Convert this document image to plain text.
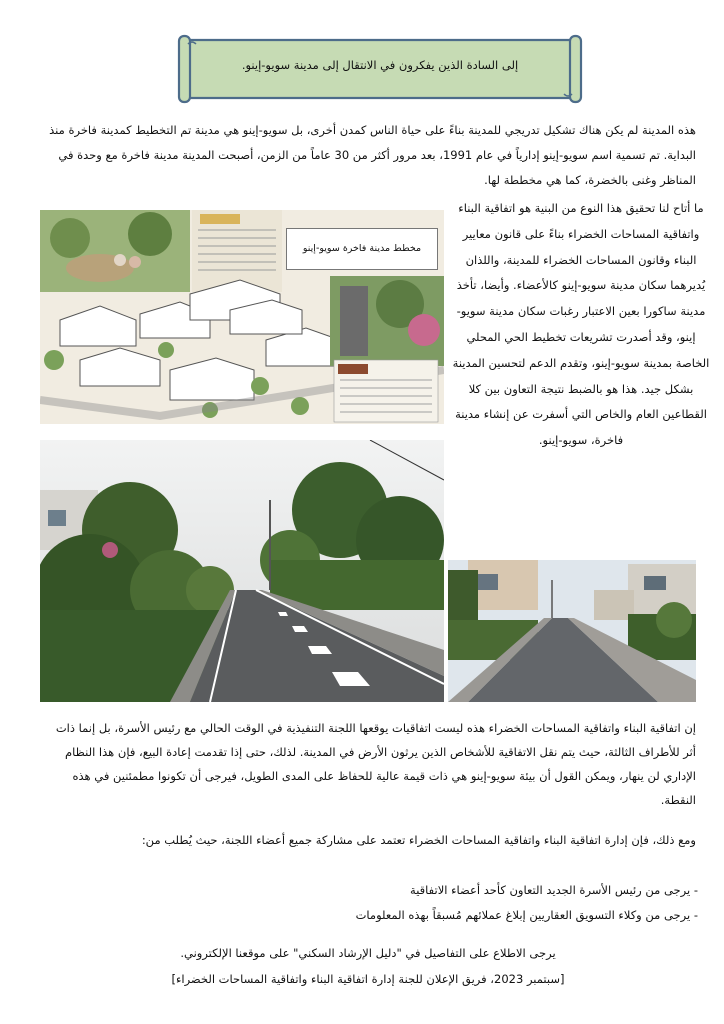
إلى السادة الذين يفكرون في الانتقال إلى مدينة سويو-إينو.
هذه المدينة لم يكن هناك تشكيل تدريجي للمدينة بناءً على حياة الناس كمدن أخرى، بل سويو-إينو هي مدينة تم التخطيط كمدينة فاخرة منذ البداية. تم تسمية اسم سويو-إينو إدارياً في عام 1991، بعد مرور أكثر من 30 عاماً من الزمن، أصبحت المدينة مدينة فاخرة مع وحدة في المناظر وغنى بالخضرة، كما هي مخططة لها.
مخطط مدينة فاخرة سويو-إينو
ما أتاح لنا تحقيق هذا النوع من البنية هو اتفاقية البناء واتفاقية المساحات الخضراء بناءً على قانون معايير البناء وقانون المساحات الخضراء للمدينة، واللذان يُديرهما سكان مدينة سويو-إينو كالأعضاء. وأيضا، تأخذ مدينة ساكورا بعين الاعتبار رغبات سكان مدينة سويو-إينو، وقد أصدرت تشريعات تخطيط الحي المحلي الخاصة بمدينة سويو-إينو، وتقدم الدعم لتحسين المدينة بشكل جيد. هذا هو بالضبط نتيجة التعاون بين كلا القطاعين العام والخاص التي أسفرت عن إنشاء مدينة فاخرة، سويو-إينو.
إن اتفاقية البناء واتفاقية المساحات الخضراء هذه ليست اتفاقيات يوقعها اللجنة التنفيذية في الوقت الحالي مع رئيس الأسرة، بل إنما ذات أثر للأطراف الثالثة، حيث يتم نقل الاتفاقية للأشخاص الذين يرثون الأرض في المدينة. لذلك، حتى إذا تقدمت إعادة البيع، فإن هذا النظام الإداري لن ينهار، ويمكن القول أن بيئة سويو-إينو هي ذات قيمة عالية للحفاظ على المدى الطويل، فيرجى أن تكونوا مطمئنين في هذه النقطة.
ومع ذلك، فإن إدارة اتفاقية البناء واتفاقية المساحات الخضراء تعتمد على مشاركة جميع أعضاء اللجنة، حيث يُطلب من:
- يرجى من رئيس الأسرة الجديد التعاون كأحد أعضاء الاتفاقية
- يرجى من وكلاء التسويق العقاريين إبلاغ عملائهم مُسبقاً بهذه المعلومات
يرجى الاطلاع على التفاصيل في "دليل الإرشاد السكني" على موقعنا الإلكتروني.
[سبتمبر 2023، فريق الإعلان للجنة إدارة اتفاقية البناء واتفاقية المساحات الخضراء]
